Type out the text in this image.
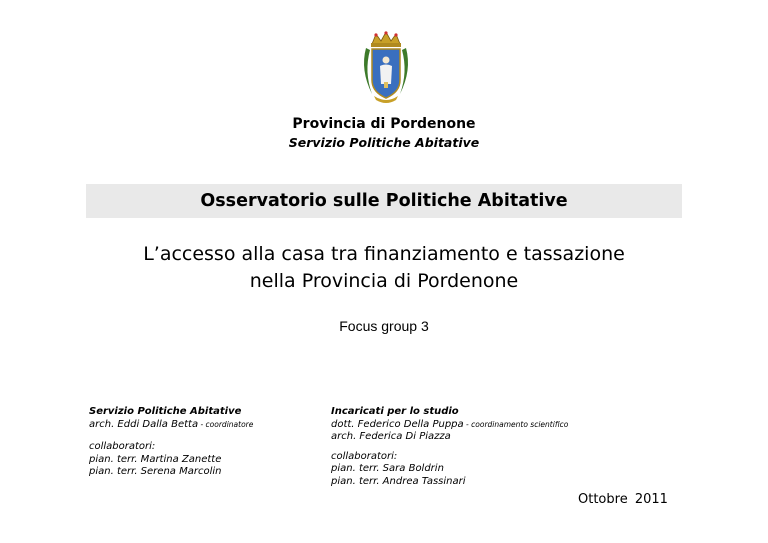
Provincia di Pordenone
Servizio Politiche Abitative
Osservatorio sulle Politiche Abitative
L’accesso alla casa tra finanziamento e tassazione
nella Provincia di Pordenone
Focus group 3
Servizio Politiche Abitative
arch. Eddi Dalla Betta - coordinatore
collaboratori:
pian. terr. Martina Zanette
pian. terr. Serena Marcolin
Incaricati per lo studio
dott. Federico Della Puppa - coordinamento scientifico
arch. Federica Di Piazza
collaboratori:
pian. terr. Sara Boldrin
pian. terr. Andrea Tassinari
Ottobre 2011
